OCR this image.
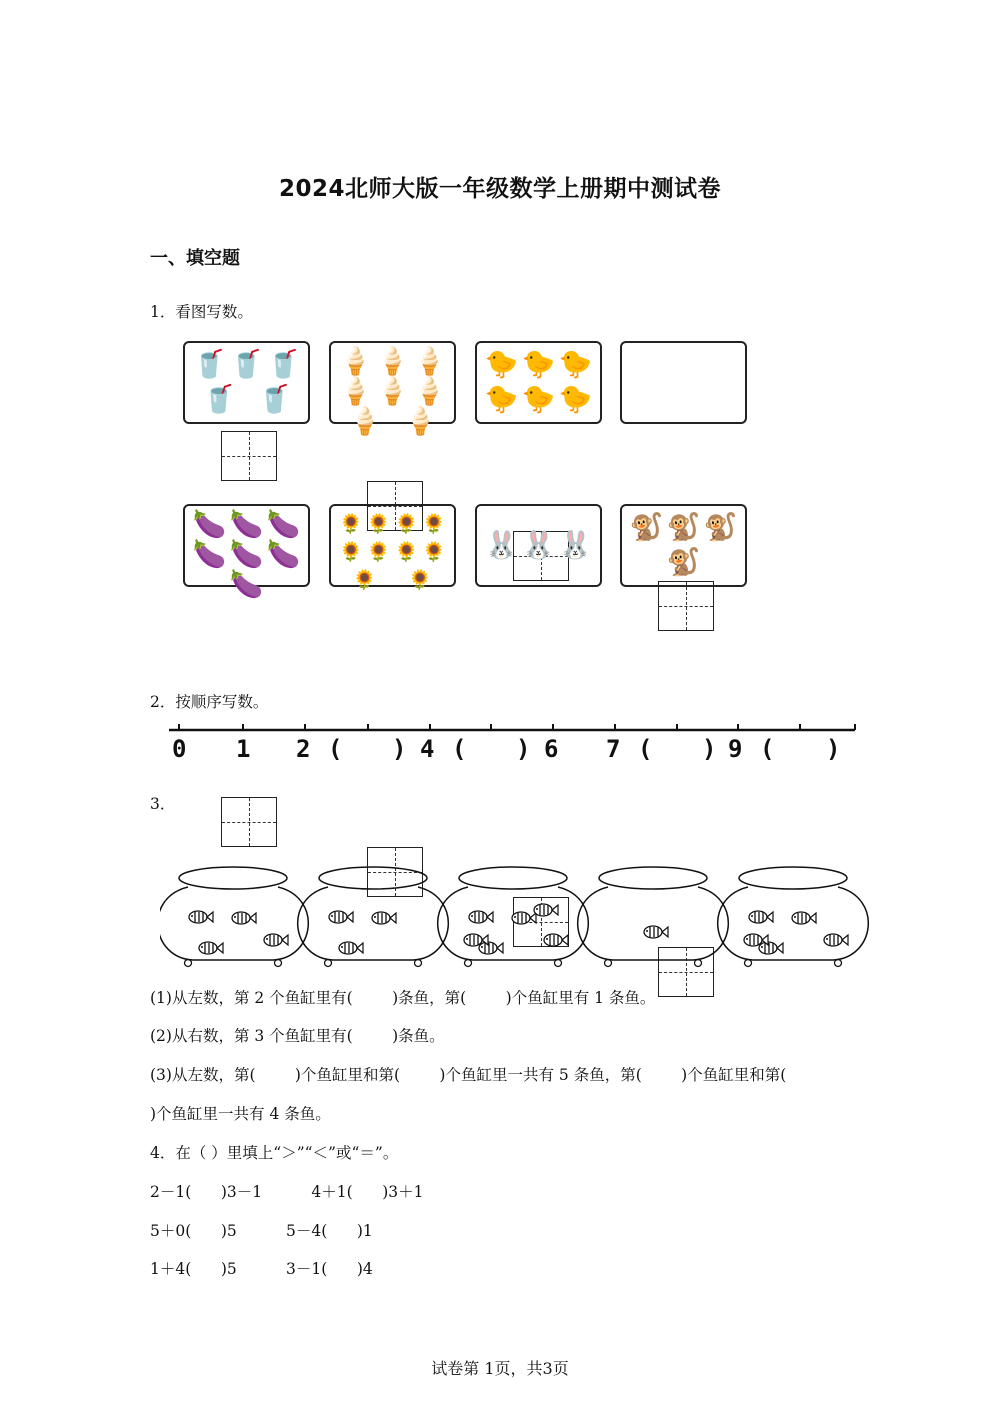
2024北师大版一年级数学上册期中测试卷
一、填空题
1．看图写数。
🥤 🥤 🥤
🥤 🥤
🍦 🍦 🍦
🍦 🍦 🍦
🍦 🍦
🐤 🐤 🐤
🐤 🐤 🐤
🍆 🍆 🍆
🍆 🍆 🍆
🍆
🌻 🌻 🌻 🌻
🌻 🌻 🌻 🌻
🌻 🌻
🐰 🐰 🐰
🐒 🐒 🐒
🐒
2．按顺序写数。
0 1 2 ( ) 4 ( ) 6 7 ( ) 9 ( )
3．
(1)从左数，第 2 个鱼缸里有(        )条鱼，第(        )个鱼缸里有 1 条鱼。
(2)从右数，第 3 个鱼缸里有(        )条鱼。
(3)从左数，第(        )个鱼缸里和第(        )个鱼缸里一共有 5 条鱼，第(        )个鱼缸里和第(
)个鱼缸里一共有 4 条鱼。
4．在（ ）里填上“＞”“＜”或“＝”。
2－1(      )3－1          4＋1(      )3＋1
5＋0(      )5          5－4(      )1
1＋4(      )5          3－1(      )4
试卷第 1页，共3页
